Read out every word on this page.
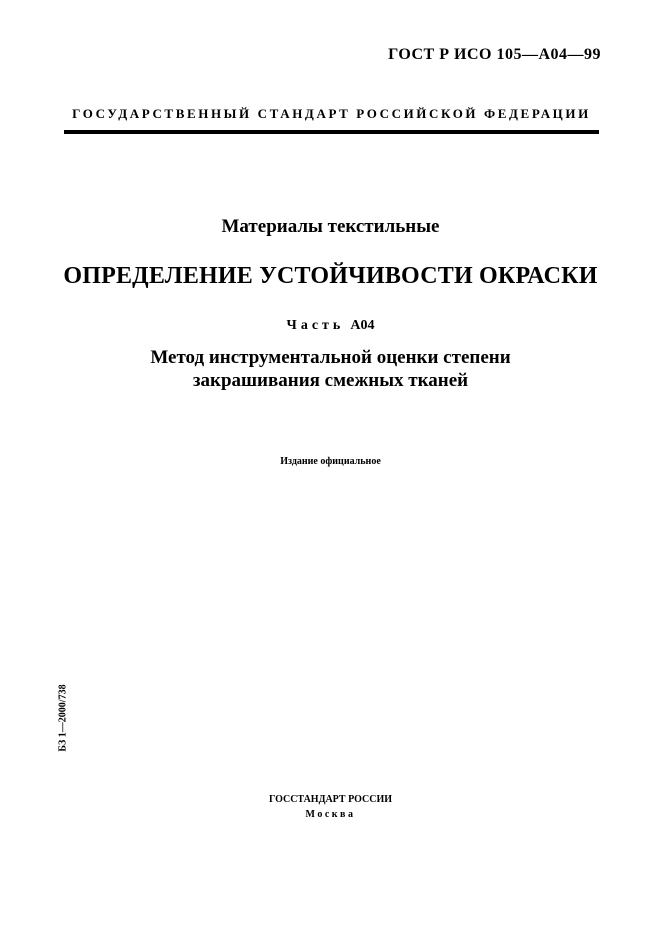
ГОСТ Р ИСО 105—А04—99
ГОСУДАРСТВЕННЫЙ СТАНДАРТ РОССИЙСКОЙ ФЕДЕРАЦИИ
Материалы текстильные
ОПРЕДЕЛЕНИЕ УСТОЙЧИВОСТИ ОКРАСКИ
Часть А04
Метод инструментальной оценки степени
закрашивания смежных тканей
Издание официальное
БЗ 1—2000/738
ГОССТАНДАРТ РОССИИ
Москва
